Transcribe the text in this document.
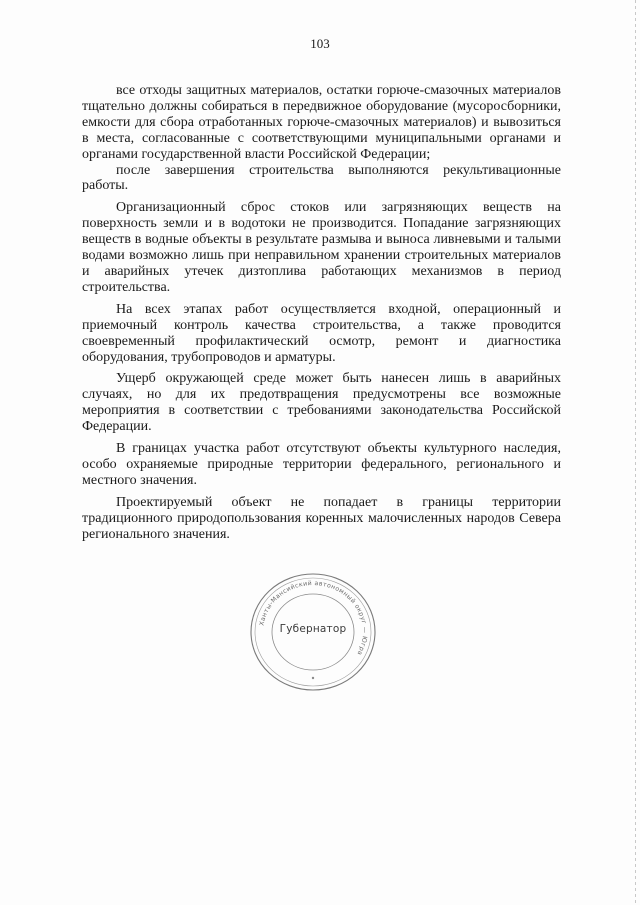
103

все отходы защитных материалов, остатки горюче-смазочных материалов тщательно должны собираться в передвижное оборудование (мусоросборники, емкости для сбора отработанных горюче-смазочных материалов) и вывозиться в места, согласованные с соответствующими муниципальными органами и органами государственной власти Российской Федерации;

после завершения строительства выполняются рекультивационные работы.

Организационный сброс стоков или загрязняющих веществ на поверхность земли и в водотоки не производится. Попадание загрязняющих веществ в водные объекты в результате размыва и выноса ливневыми и талыми водами возможно лишь при неправильном хранении строительных материалов и аварийных утечек дизтоплива работающих механизмов в период строительства.

На всех этапах работ осуществляется входной, операционный и приемочный контроль качества строительства, а также проводится своевременный профилактический осмотр, ремонт и диагностика оборудования, трубопроводов и арматуры.

Ущерб окружающей среде может быть нанесен лишь в аварийных случаях, но для их предотвращения предусмотрены все возможные мероприятия в соответствии с требованиями законодательства Российской Федерации.

В границах участка работ отсутствуют объекты культурного наследия, особо охраняемые природные территории федерального, регионального и местного значения.

Проектируемый объект не попадает в границы территории традиционного природопользования коренных малочисленных народов Севера регионального значения.

Ханты-Мансийский автономный округ — Югра
Губернатор
